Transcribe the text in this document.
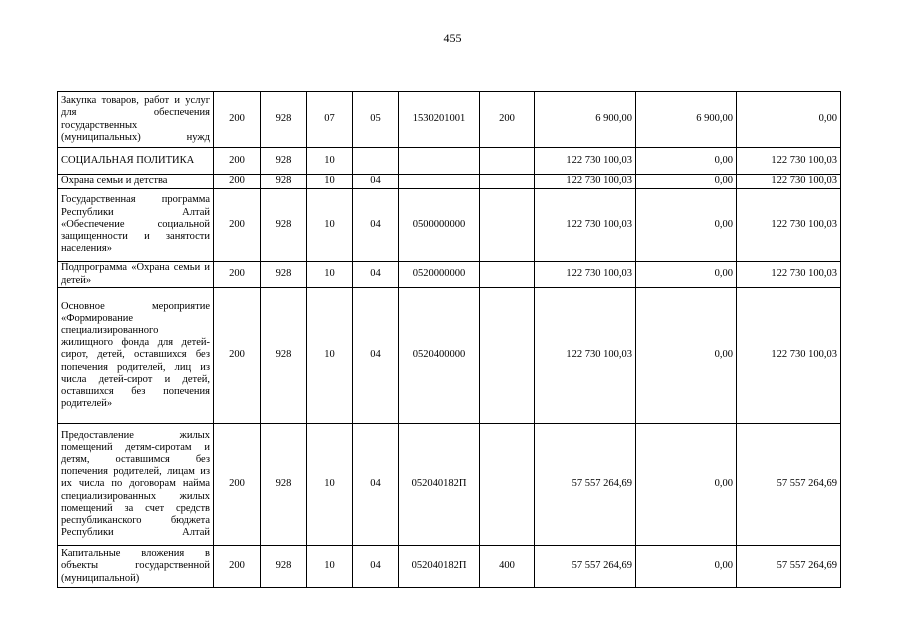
455
Закупка товаров, работ и услуг для обеспечения государственных (муниципальных) нужд	200	928	07	05	1530201001	200	6 900,00	6 900,00	0,00
СОЦИАЛЬНАЯ ПОЛИТИКА	200	928	10				122 730 100,03	0,00	122 730 100,03
Охрана семьи и детства	200	928	10	04			122 730 100,03	0,00	122 730 100,03
Государственная программа Республики Алтай «Обеспечение социальной защищенности и занятости населения»	200	928	10	04	0500000000		122 730 100,03	0,00	122 730 100,03
Подпрограмма «Охрана семьи и детей»	200	928	10	04	0520000000		122 730 100,03	0,00	122 730 100,03
Основное мероприятие «Формирование специализированного жилищного фонда для детей-сирот, детей, оставшихся без попечения родителей, лиц из числа детей-сирот и детей, оставшихся без попечения родителей»	200	928	10	04	0520400000		122 730 100,03	0,00	122 730 100,03
Предоставление жилых помещений детям-сиротам и детям, оставшимся без попечения родителей, лицам из их числа по договорам найма специализированных жилых помещений за счет средств республиканского бюджета Республики Алтай	200	928	10	04	052040182П		57 557 264,69	0,00	57 557 264,69
Капитальные вложения в объекты государственной (муниципальной)	200	928	10	04	052040182П	400	57 557 264,69	0,00	57 557 264,69
